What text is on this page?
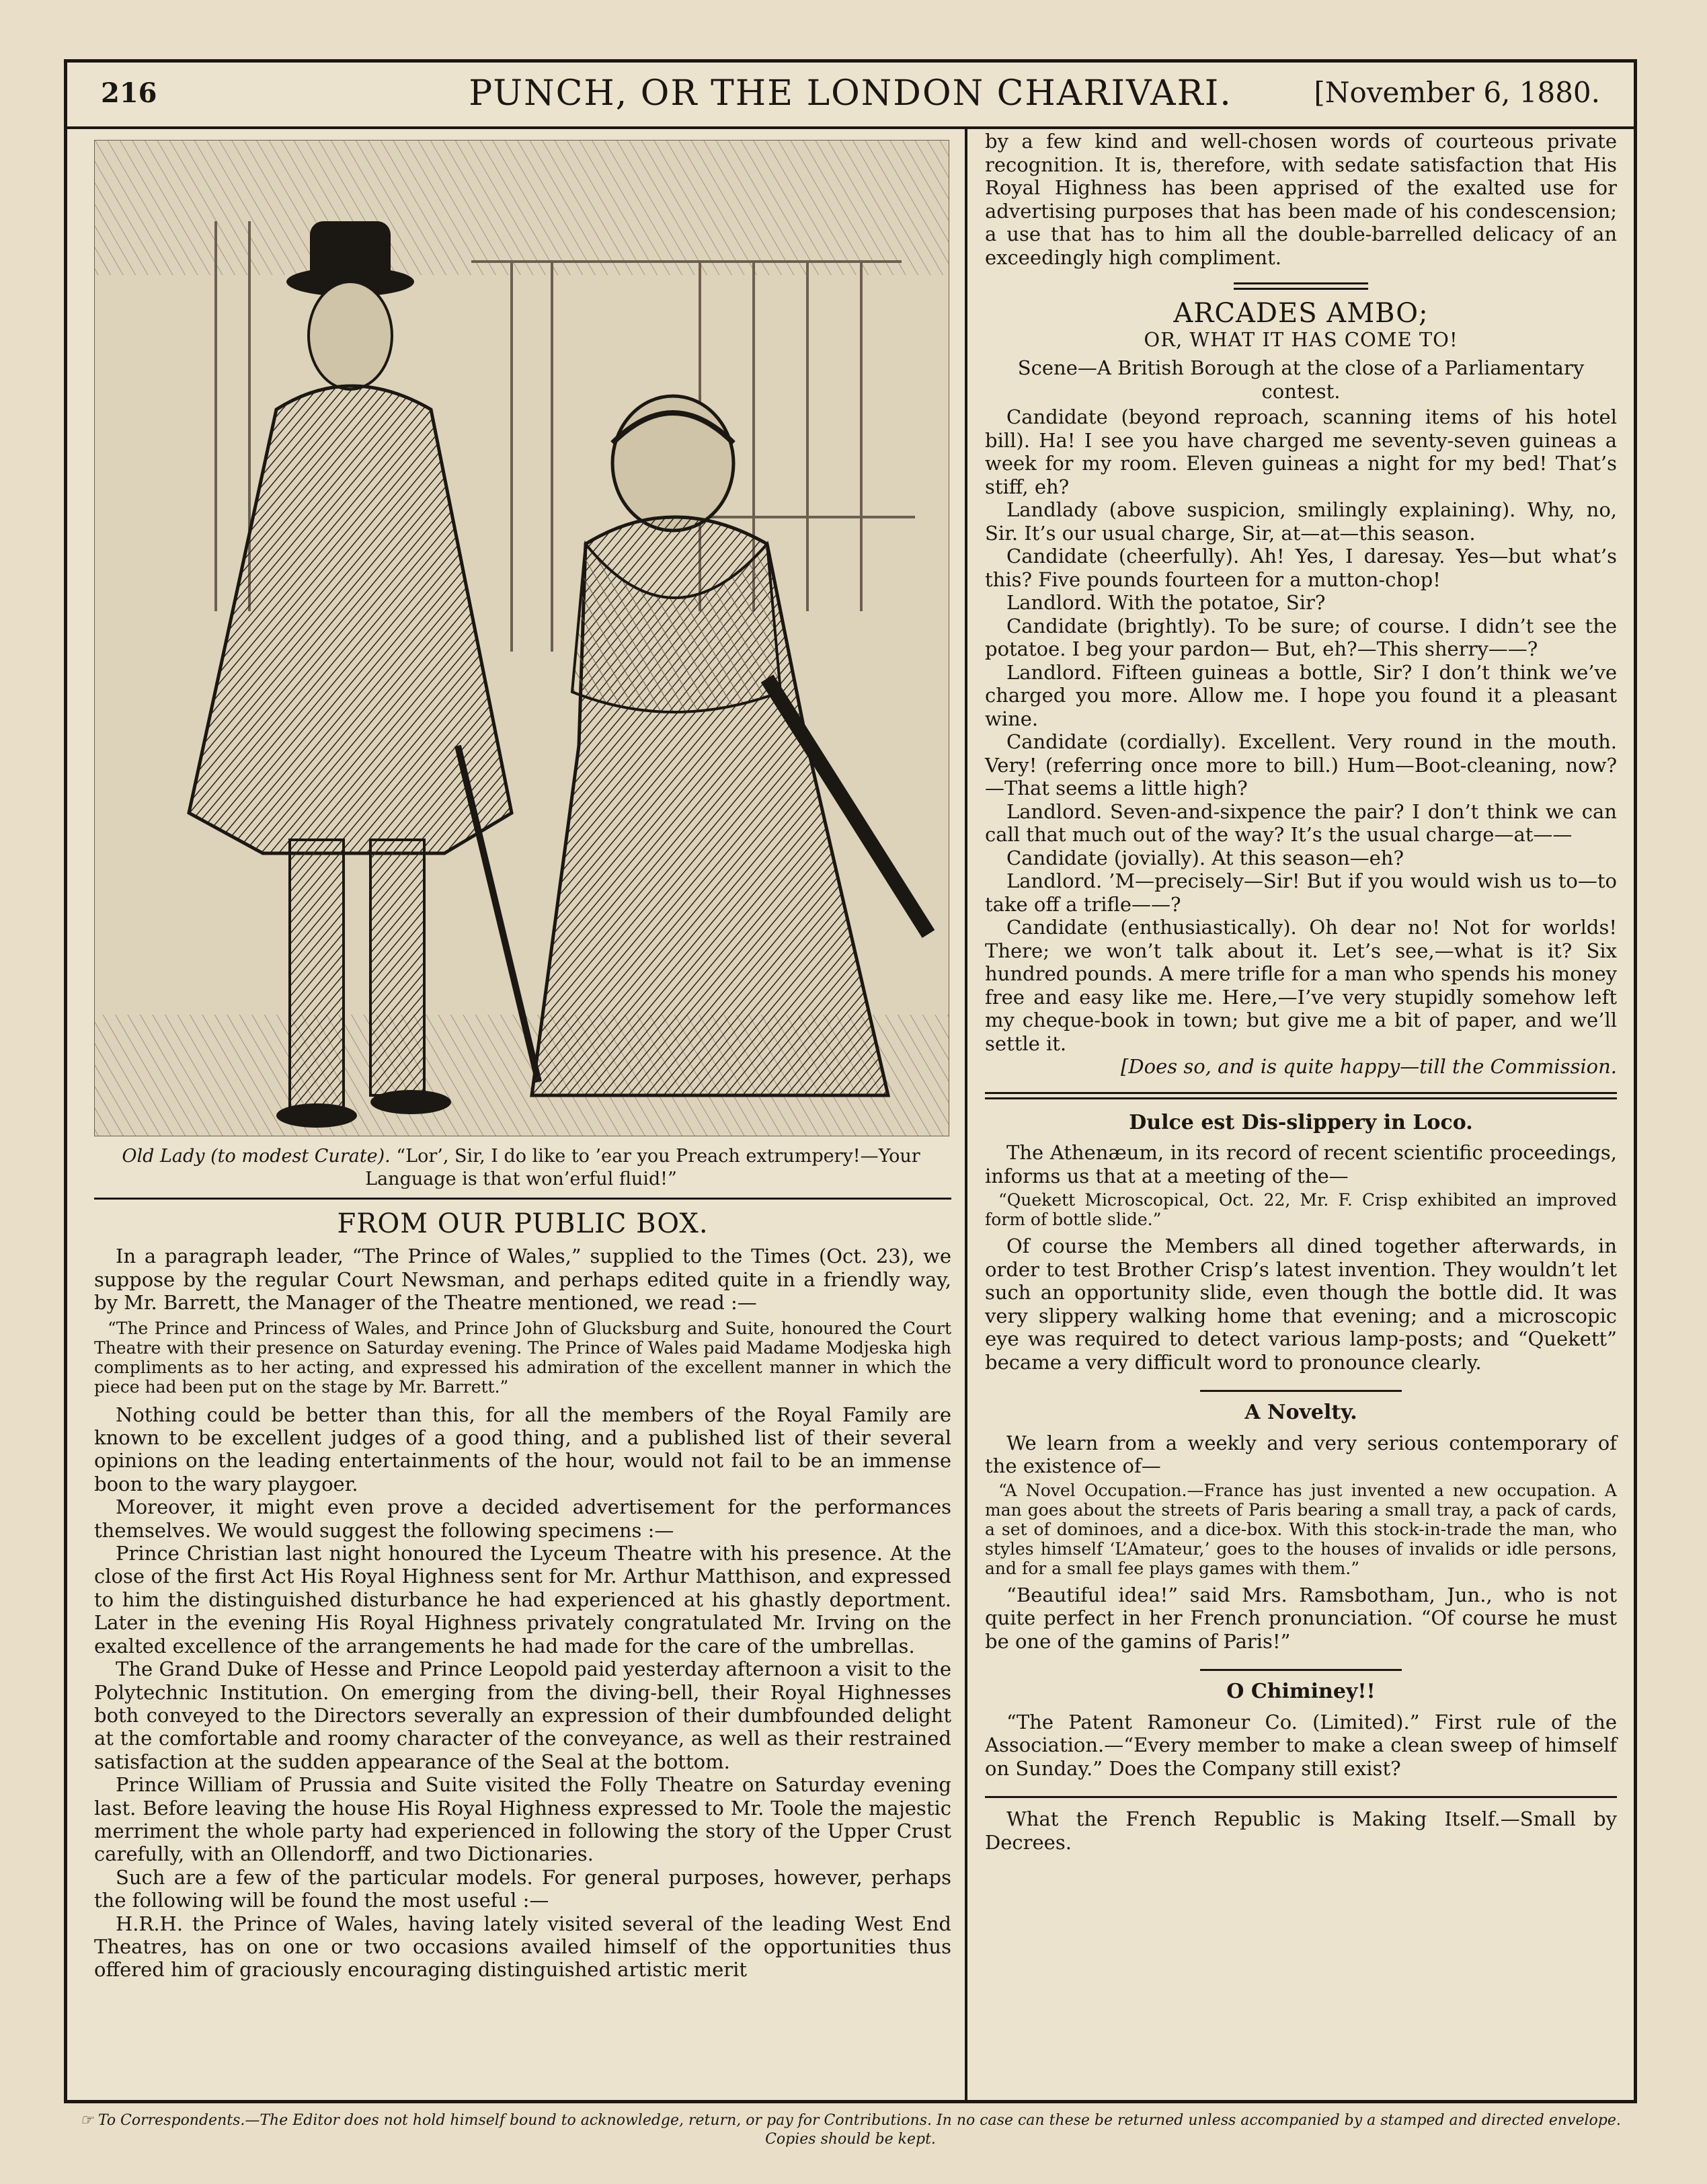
216	PUNCH, OR THE LONDON CHARIVARI.	[November 6, 1880.
Old Lady (to modest Curate). “Lor’, Sir, I do like to ’ear you Preach extrumpery!—Your Language is that won’erful fluid!”
FROM OUR PUBLIC BOX.

In a paragraph leader, “The Prince of Wales,” supplied to the Times (Oct. 23), we suppose by the regular Court Newsman, and perhaps edited quite in a friendly way, by Mr. Barrett, the Manager of the Theatre mentioned, we read :—

“The Prince and Princess of Wales, and Prince John of Glucksburg and Suite, honoured the Court Theatre with their presence on Saturday evening. The Prince of Wales paid Madame Modjeska high compliments as to her acting, and expressed his admiration of the excellent manner in which the piece had been put on the stage by Mr. Barrett.”

Nothing could be better than this, for all the members of the Royal Family are known to be excellent judges of a good thing, and a published list of their several opinions on the leading entertainments of the hour, would not fail to be an immense boon to the wary playgoer.

Moreover, it might even prove a decided advertisement for the performances themselves. We would suggest the following specimens :—

Prince Christian last night honoured the Lyceum Theatre with his presence. At the close of the first Act His Royal Highness sent for Mr. Arthur Matthison, and expressed to him the distinguished disturbance he had experienced at his ghastly deportment. Later in the evening His Royal Highness privately congratulated Mr. Irving on the exalted excellence of the arrangements he had made for the care of the umbrellas.

The Grand Duke of Hesse and Prince Leopold paid yesterday afternoon a visit to the Polytechnic Institution. On emerging from the diving-bell, their Royal Highnesses both conveyed to the Directors severally an expression of their dumbfounded delight at the comfortable and roomy character of the conveyance, as well as their restrained satisfaction at the sudden appearance of the Seal at the bottom.

Prince William of Prussia and Suite visited the Folly Theatre on Saturday evening last. Before leaving the house His Royal Highness expressed to Mr. Toole the majestic merriment the whole party had experienced in following the story of the Upper Crust carefully, with an Ollendorff, and two Dictionaries.

Such are a few of the particular models. For general purposes, however, perhaps the following will be found the most useful :—

H.R.H. the Prince of Wales, having lately visited several of the leading West End Theatres, has on one or two occasions availed himself of the opportunities thus offered him of graciously encouraging distinguished artistic merit

by a few kind and well-chosen words of courteous private recognition. It is, therefore, with sedate satisfaction that His Royal Highness has been apprised of the exalted use for advertising purposes that has been made of his condescension; a use that has to him all the double-barrelled delicacy of an exceedingly high compliment.

ARCADES AMBO;
OR, WHAT IT HAS COME TO!

Scene—A British Borough at the close of a Parliamentary contest.

Candidate (beyond reproach, scanning items of his hotel bill). Ha! I see you have charged me seventy-seven guineas a week for my room. Eleven guineas a night for my bed! That’s stiff, eh?

Landlady (above suspicion, smilingly explaining). Why, no, Sir. It’s our usual charge, Sir, at—at—this season.

Candidate (cheerfully). Ah! Yes, I daresay. Yes—but what’s this? Five pounds fourteen for a mutton-chop!

Landlord. With the potatoe, Sir?

Candidate (brightly). To be sure; of course. I didn’t see the potatoe. I beg your pardon— But, eh?—This sherry——?

Landlord. Fifteen guineas a bottle, Sir? I don’t think we’ve charged you more. Allow me. I hope you found it a pleasant wine.

Candidate (cordially). Excellent. Very round in the mouth. Very! (referring once more to bill.) Hum—Boot-cleaning, now?—That seems a little high?

Landlord. Seven-and-sixpence the pair? I don’t think we can call that much out of the way? It’s the usual charge—at——

Candidate (jovially). At this season—eh?

Landlord. ’M—precisely—Sir! But if you would wish us to—to take off a trifle——?

Candidate (enthusiastically). Oh dear no! Not for worlds! There; we won’t talk about it. Let’s see,—what is it? Six hundred pounds. A mere trifle for a man who spends his money free and easy like me. Here,—I’ve very stupidly somehow left my cheque-book in town; but give me a bit of paper, and we’ll settle it.

[Does so, and is quite happy—till the Commission.

Dulce est Dis-slippery in Loco.

The Athenæum, in its record of recent scientific proceedings, informs us that at a meeting of the—

“Quekett Microscopical, Oct. 22, Mr. F. Crisp exhibited an improved form of bottle slide.”

Of course the Members all dined together afterwards, in order to test Brother Crisp’s latest invention. They wouldn’t let such an opportunity slide, even though the bottle did. It was very slippery walking home that evening; and a microscopic eye was required to detect various lamp-posts; and “Quekett” became a very difficult word to pronounce clearly.

A Novelty.

We learn from a weekly and very serious contemporary of the existence of—

“A Novel Occupation.—France has just invented a new occupation. A man goes about the streets of Paris bearing a small tray, a pack of cards, a set of dominoes, and a dice-box. With this stock-in-trade the man, who styles himself ‘L’Amateur,’ goes to the houses of invalids or idle persons, and for a small fee plays games with them.”

“Beautiful idea!” said Mrs. Ramsbotham, Jun., who is not quite perfect in her French pronunciation. “Of course he must be one of the gamins of Paris!”

O Chiminey!!

“The Patent Ramoneur Co. (Limited).” First rule of the Association.—“Every member to make a clean sweep of himself on Sunday.” Does the Company still exist?

What the French Republic is Making Itself.—Small by Decrees.

☞ To Correspondents.—The Editor does not hold himself bound to acknowledge, return, or pay for Contributions. In no case can these be returned unless accompanied by a stamped and directed envelope. Copies should be kept.
